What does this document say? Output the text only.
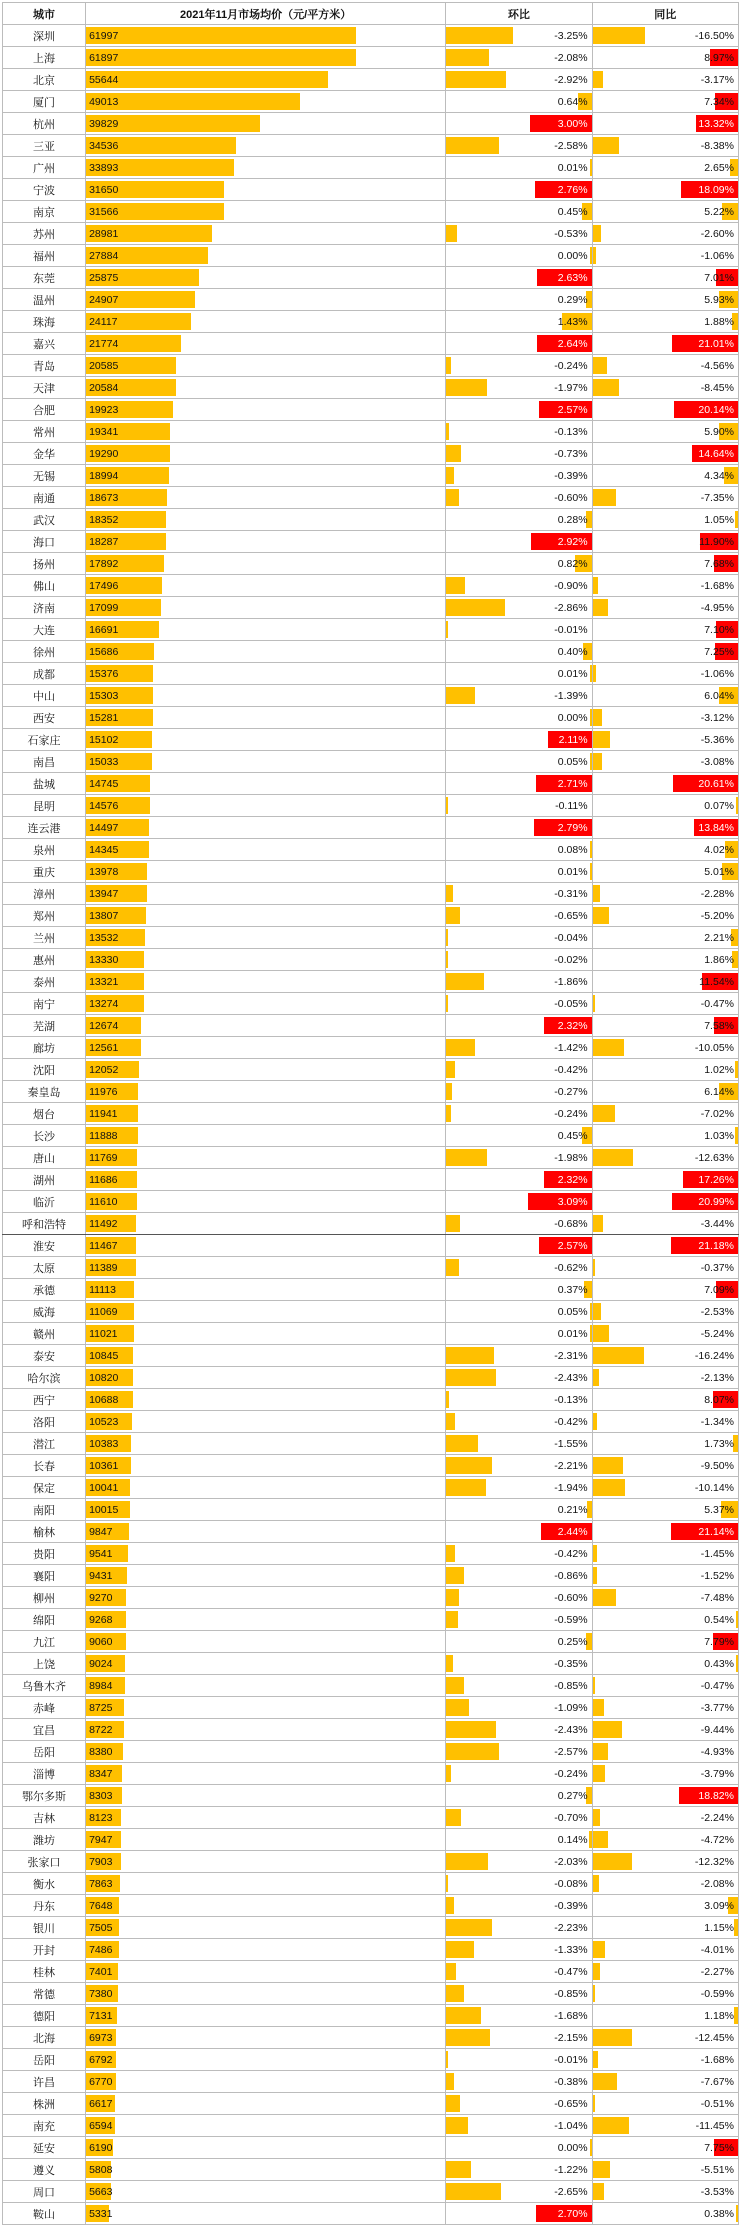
城市	2021年11月市场均价（元/平方米）	环比	同比
深圳	61997	-3.25%	-16.50%

上海	61897	-2.08%	8.97%

北京	55644	-2.92%	-3.17%

厦门	49013	0.64%	7.34%

杭州	39829	3.00%	13.32%

三亚	34536	-2.58%	-8.38%

广州	33893	0.01%	2.65%

宁波	31650	2.76%	18.09%

南京	31566	0.45%	5.22%

苏州	28981	-0.53%	-2.60%

福州	27884	0.00%	-1.06%

东莞	25875	2.63%	7.01%

温州	24907	0.29%	5.93%

珠海	24117	1.43%	1.88%

嘉兴	21774	2.64%	21.01%

青岛	20585	-0.24%	-4.56%

天津	20584	-1.97%	-8.45%

合肥	19923	2.57%	20.14%

常州	19341	-0.13%	5.90%

金华	19290	-0.73%	14.64%

无锡	18994	-0.39%	4.34%

南通	18673	-0.60%	-7.35%

武汉	18352	0.28%	1.05%

海口	18287	2.92%	11.90%

扬州	17892	0.82%	7.68%

佛山	17496	-0.90%	-1.68%

济南	17099	-2.86%	-4.95%

大连	16691	-0.01%	7.10%

徐州	15686	0.40%	7.25%

成都	15376	0.01%	-1.06%

中山	15303	-1.39%	6.04%

西安	15281	0.00%	-3.12%

石家庄	15102	2.11%	-5.36%

南昌	15033	0.05%	-3.08%

盐城	14745	2.71%	20.61%

昆明	14576	-0.11%	0.07%

连云港	14497	2.79%	13.84%

泉州	14345	0.08%	4.02%

重庆	13978	0.01%	5.01%

漳州	13947	-0.31%	-2.28%

郑州	13807	-0.65%	-5.20%

兰州	13532	-0.04%	2.21%

惠州	13330	-0.02%	1.86%

泰州	13321	-1.86%	11.54%

南宁	13274	-0.05%	-0.47%

芜湖	12674	2.32%	7.58%

廊坊	12561	-1.42%	-10.05%

沈阳	12052	-0.42%	1.02%

秦皇岛	11976	-0.27%	6.14%

烟台	11941	-0.24%	-7.02%

长沙	11888	0.45%	1.03%

唐山	11769	-1.98%	-12.63%

湖州	11686	2.32%	17.26%

临沂	11610	3.09%	20.99%

呼和浩特	11492	-0.68%	-3.44%

淮安	11467	2.57%	21.18%

太原	11389	-0.62%	-0.37%

承德	11113	0.37%	7.09%

威海	11069	0.05%	-2.53%

赣州	11021	0.01%	-5.24%

泰安	10845	-2.31%	-16.24%

哈尔滨	10820	-2.43%	-2.13%

西宁	10688	-0.13%	8.07%

洛阳	10523	-0.42%	-1.34%

潜江	10383	-1.55%	1.73%

长春	10361	-2.21%	-9.50%

保定	10041	-1.94%	-10.14%

南阳	10015	0.21%	5.37%

榆林	9847	2.44%	21.14%

贵阳	9541	-0.42%	-1.45%

襄阳	9431	-0.86%	-1.52%

柳州	9270	-0.60%	-7.48%

绵阳	9268	-0.59%	0.54%

九江	9060	0.25%	7.79%

上饶	9024	-0.35%	0.43%

乌鲁木齐	8984	-0.85%	-0.47%

赤峰	8725	-1.09%	-3.77%

宜昌	8722	-2.43%	-9.44%

岳阳	8380	-2.57%	-4.93%

淄博	8347	-0.24%	-3.79%

鄂尔多斯	8303	0.27%	18.82%

吉林	8123	-0.70%	-2.24%

潍坊	7947	0.14%	-4.72%

张家口	7903	-2.03%	-12.32%

衡水	7863	-0.08%	-2.08%

丹东	7648	-0.39%	3.09%

银川	7505	-2.23%	1.15%

开封	7486	-1.33%	-4.01%

桂林	7401	-0.47%	-2.27%

常德	7380	-0.85%	-0.59%

德阳	7131	-1.68%	1.18%

北海	6973	-2.15%	-12.45%

岳阳	6792	-0.01%	-1.68%

许昌	6770	-0.38%	-7.67%

株洲	6617	-0.65%	-0.51%

南充	6594	-1.04%	-11.45%

延安	6190	0.00%	7.75%

遵义	5808	-1.22%	-5.51%

周口	5663	-2.65%	-3.53%

鞍山	5331	2.70%	0.38%
